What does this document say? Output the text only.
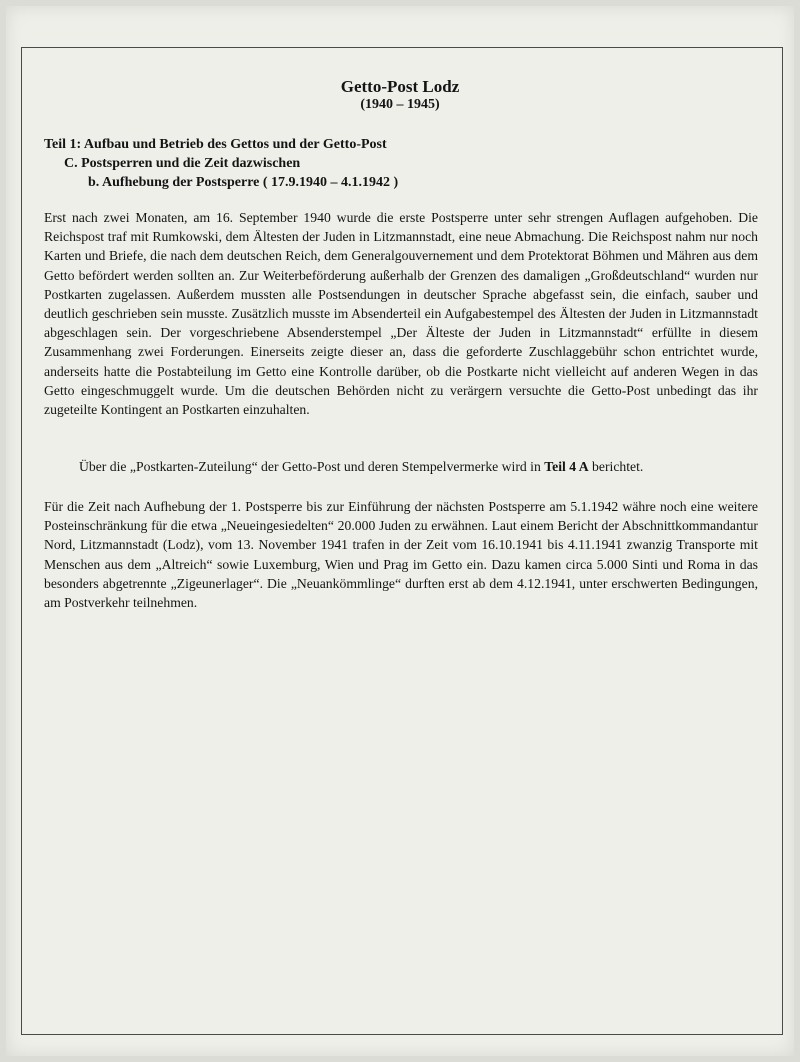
Getto-Post Lodz
(1940 – 1945)
Teil 1: Aufbau und Betrieb des Gettos und der Getto-Post
C. Postsperren und die Zeit dazwischen
b. Aufhebung der Postsperre ( 17.9.1940 – 4.1.1942 )

Erst nach zwei Monaten, am 16. September 1940 wurde die erste Postsperre unter sehr strengen Auflagen aufgehoben. Die Reichspost traf mit Rumkowski, dem Ältesten der Juden in Litzmannstadt, eine neue Abmachung. Die Reichspost nahm nur noch Karten und Briefe, die nach dem deutschen Reich, dem Generalgouvernement und dem Protektorat Böhmen und Mähren aus dem Getto befördert werden sollten an. Zur Weiterbeförderung außerhalb der Grenzen des damaligen „Großdeutschland“ wurden nur Postkarten zugelassen. Außerdem mussten alle Postsendungen in deutscher Sprache abgefasst sein, die einfach, sauber und deutlich geschrieben sein musste. Zusätzlich musste im Absenderteil ein Aufgabestempel des Ältesten der Juden in Litzmannstadt abgeschlagen sein. Der vorgeschriebene Absenderstempel „Der Älteste der Juden in Litzmannstadt“ erfüllte in diesem Zusammenhang zwei Forderungen. Einerseits zeigte dieser an, dass die geforderte Zuschlaggebühr schon entrichtet wurde, anderseits hatte die Postabteilung im Getto eine Kontrolle darüber, ob die Postkarte nicht vielleicht auf anderen Wegen in das Getto eingeschmuggelt wurde. Um die deutschen Behörden nicht zu verärgern versuchte die Getto-Post unbedingt das ihr zugeteilte Kontingent an Postkarten einzuhalten.

Über die „Postkarten-Zuteilung“ der Getto-Post und deren Stempelvermerke wird in Teil 4 A berichtet.

Für die Zeit nach Aufhebung der 1. Postsperre bis zur Einführung der nächsten Postsperre am 5.1.1942 währe noch eine weitere Posteinschränkung für die etwa „Neueingesiedelten“ 20.000 Juden zu erwähnen. Laut einem Bericht der Abschnittkommandantur Nord, Litzmannstadt (Lodz), vom 13. November 1941 trafen in der Zeit vom 16.10.1941 bis 4.11.1941 zwanzig Transporte mit Menschen aus dem „Altreich“ sowie Luxemburg, Wien und Prag im Getto ein. Dazu kamen circa 5.000 Sinti und Roma in das besonders abgetrennte „Zigeunerlager“. Die „Neuankömmlinge“ durften erst ab dem 4.12.1941, unter erschwerten Bedingungen, am Postverkehr teilnehmen.
